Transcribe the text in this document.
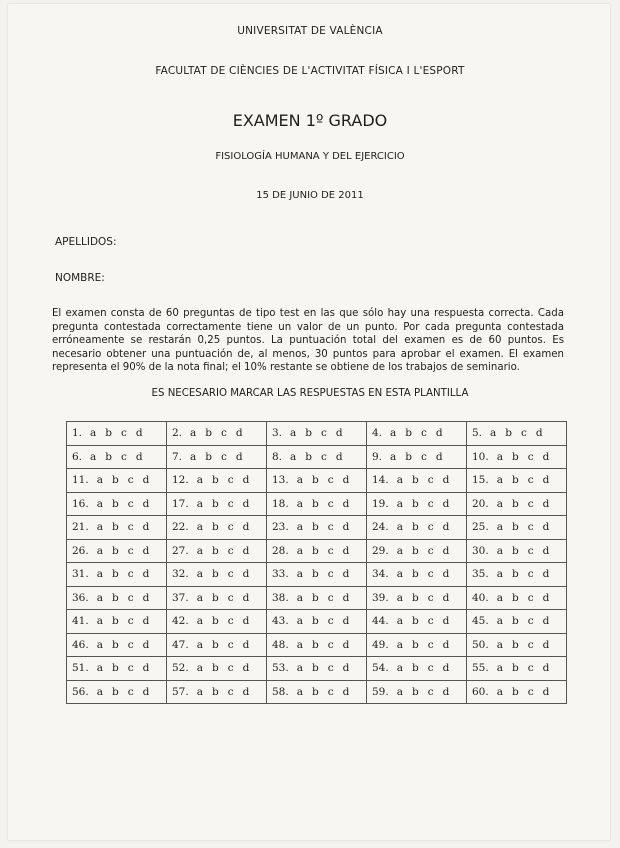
UNIVERSITAT DE VALÈNCIA
FACULTAT DE CIÈNCIES DE L'ACTIVITAT FÍSICA I L'ESPORT
EXAMEN 1º GRADO
FISIOLOGÍA HUMANA Y DEL EJERCICIO
15 DE JUNIO DE 2011
APELLIDOS:
NOMBRE:
El examen consta de 60 preguntas de tipo test en las que sólo hay una respuesta correcta. Cada pregunta contestada correctamente tiene un valor de un punto. Por cada pregunta contestada erróneamente se restarán 0,25 puntos. La puntuación total del examen es de 60 puntos. Es necesario obtener una puntuación de, al menos, 30 puntos para aprobar el examen. El examen representa el 90% de la nota final; el 10% restante se obtiene de los trabajos de seminario.
ES NECESARIO MARCAR LAS RESPUESTAS EN ESTA PLANTILLA
1. a b c d	2. a b c d	3. a b c d	4. a b c d	5. a b c d
6. a b c d	7. a b c d	8. a b c d	9. a b c d	10. a b c d
11. a b c d	12. a b c d	13. a b c d	14. a b c d	15. a b c d
16. a b c d	17. a b c d	18. a b c d	19. a b c d	20. a b c d
21. a b c d	22. a b c d	23. a b c d	24. a b c d	25. a b c d
26. a b c d	27. a b c d	28. a b c d	29. a b c d	30. a b c d
31. a b c d	32. a b c d	33. a b c d	34. a b c d	35. a b c d
36. a b c d	37. a b c d	38. a b c d	39. a b c d	40. a b c d
41. a b c d	42. a b c d	43. a b c d	44. a b c d	45. a b c d
46. a b c d	47. a b c d	48. a b c d	49. a b c d	50. a b c d
51. a b c d	52. a b c d	53. a b c d	54. a b c d	55. a b c d
56. a b c d	57. a b c d	58. a b c d	59. a b c d	60. a b c d
